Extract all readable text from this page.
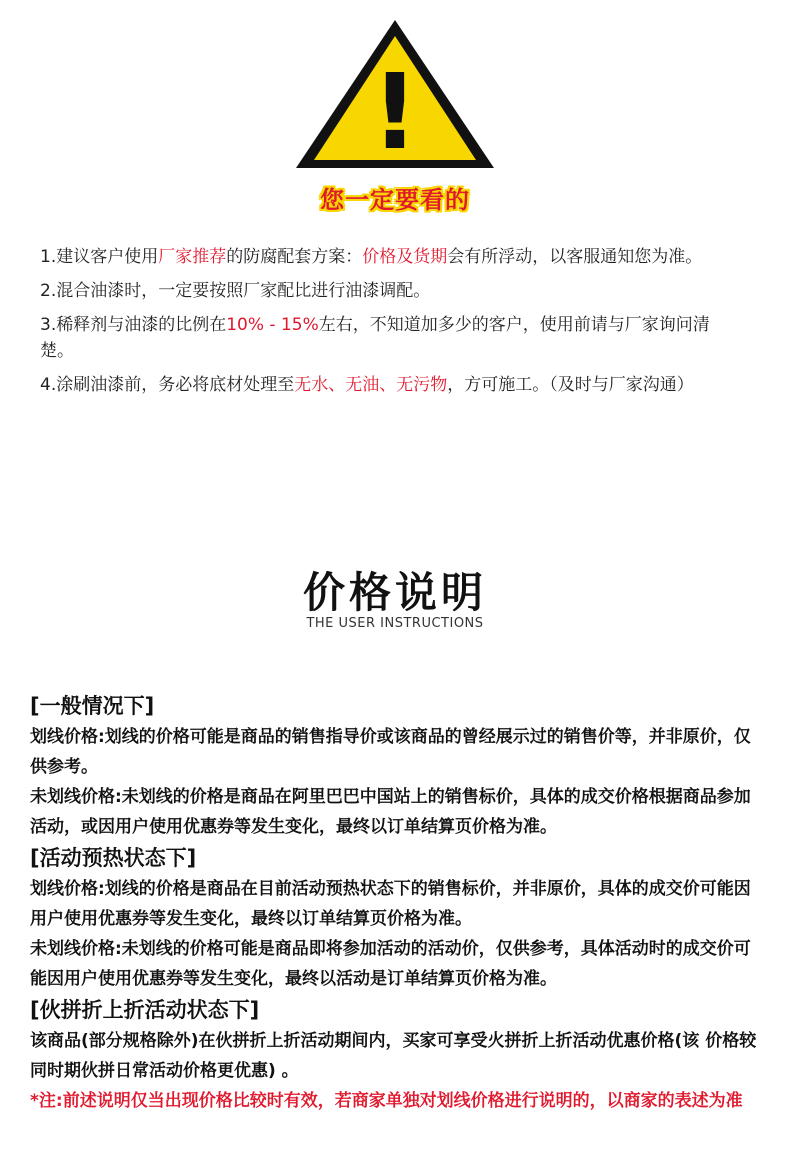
!
您一定要看的

1.建议客户使用厂家推荐的防腐配套方案：价格及货期会有所浮动，以客服通知您为准。

2.混合油漆时，一定要按照厂家配比进行油漆调配。

3.稀释剂与油漆的比例在10% - 15%左右，不知道加多少的客户，使用前请与厂家询问清楚。

4.涂刷油漆前，务必将底材处理至无水、无油、无污物，方可施工。（及时与厂家沟通）

价格说明
THE USER INSTRUCTIONS
[一般情况下]

划线价格:划线的价格可能是商品的销售指导价或该商品的曾经展示过的销售价等，并非原价，仅供参考。

未划线价格:未划线的价格是商品在阿里巴巴中国站上的销售标价，具体的成交价格根据商品参加活动，或因用户使用优惠券等发生变化，最终以订单结算页价格为准。

[活动预热状态下]

划线价格:划线的价格是商品在目前活动预热状态下的销售标价，并非原价，具体的成交价可能因用户使用优惠券等发生变化，最终以订单结算页价格为准。

未划线价格:未划线的价格可能是商品即将参加活动的活动价，仅供参考，具体活动时的成交价可能因用户使用优惠券等发生变化，最终以活动是订单结算页价格为准。

[伙拼折上折活动状态下]

该商品(部分规格除外)在伙拼折上折活动期间内，买家可享受火拼折上折活动优惠价格(该 价格较同时期伙拼日常活动价格更优惠) 。

*注:前述说明仅当出现价格比较时有效，若商家单独对划线价格进行说明的，以商家的表述为准
